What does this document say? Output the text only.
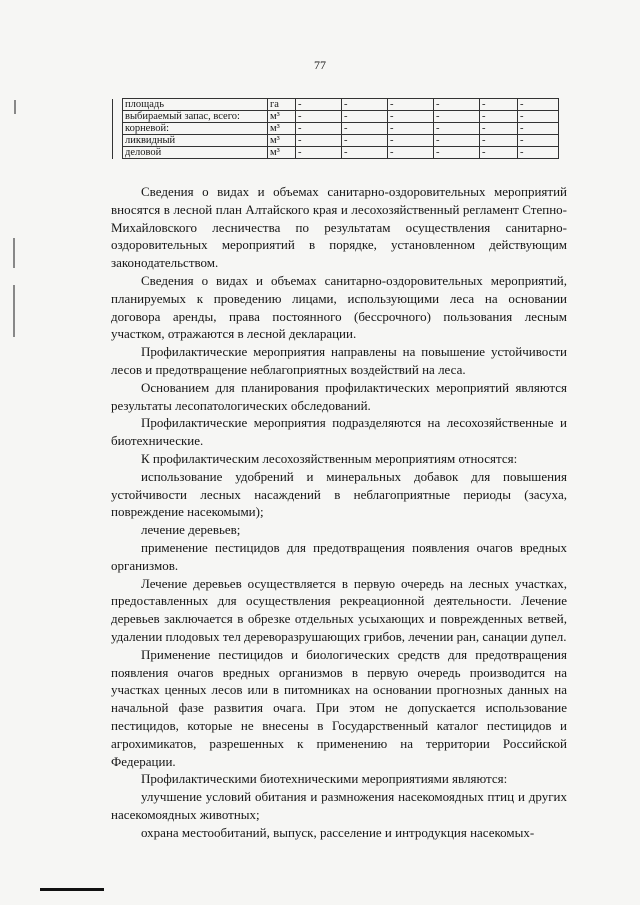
77
	площадь	га	-	-	-	-	-	-
	выбираемый запас, всего:	м³	-	-	-	-	-	-
	корневой:	м³	-	-	-	-	-	-
	ликвидный	м³	-	-	-	-	-	-
	деловой	м³	-	-	-	-	-	-

Сведения о видах и объемах санитарно-оздоровительных мероприятий вносятся в лесной план Алтайского края и лесохозяйственный регламент Степно-Михайловского лесничества по результатам осуществления санитарно-оздоровительных мероприятий в порядке, установленном действующим законодательством.

Сведения о видах и объемах санитарно-оздоровительных мероприятий, планируемых к проведению лицами, использующими леса на основании договора аренды, права постоянного (бессрочного) пользования лесным участком, отражаются в лесной декларации.

Профилактические мероприятия направлены на повышение устойчивости лесов и предотвращение неблагоприятных воздействий на леса.

Основанием для планирования профилактических мероприятий являются результаты лесопатологических обследований.

Профилактические мероприятия подразделяются на лесохозяйственные и биотехнические.

К профилактическим лесохозяйственным мероприятиям относятся:

использование удобрений и минеральных добавок для повышения устойчивости лесных насаждений в неблагоприятные периоды (засуха, повреждение насекомыми);

лечение деревьев;

применение пестицидов для предотвращения появления очагов вредных организмов.

Лечение деревьев осуществляется в первую очередь на лесных участках, предоставленных для осуществления рекреационной деятельности. Лечение деревьев заключается в обрезке отдельных усыхающих и поврежденных ветвей, удалении плодовых тел дереворазрушающих грибов, лечении ран, санации дупел.

Применение пестицидов и биологических средств для предотвращения появления очагов вредных организмов в первую очередь производится на участках ценных лесов или в питомниках на основании прогнозных данных на начальной фазе развития очага. При этом не допускается использование пестицидов, которые не внесены в Государственный каталог пестицидов и агрохимикатов, разрешенных к применению на территории Российской Федерации.

Профилактическими биотехническими мероприятиями являются:

улучшение условий обитания и размножения насекомоядных птиц и других насекомоядных животных;

охрана местообитаний, выпуск, расселение и интродукция насекомых-
